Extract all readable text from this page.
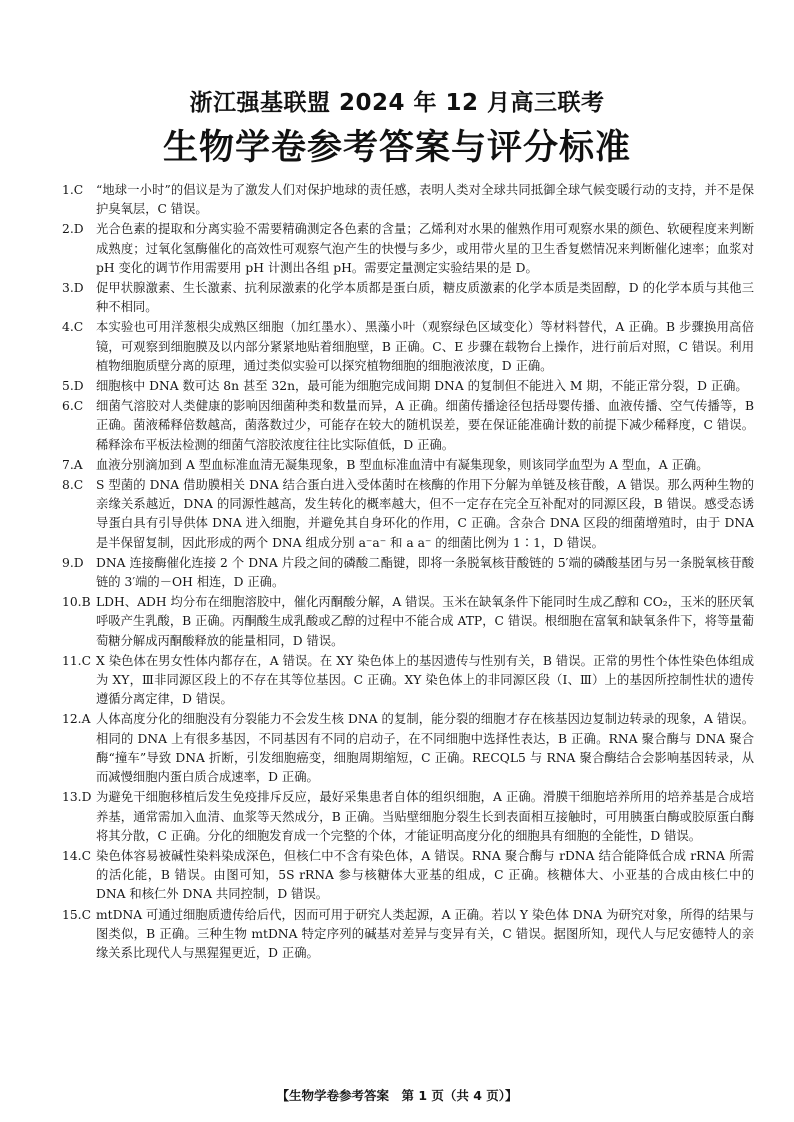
浙江强基联盟 2024 年 12 月高三联考
生物学卷参考答案与评分标准
1.C	“地球一小时”的倡议是为了激发人们对保护地球的责任感，表明人类对全球共同抵御全球气候变暖行动的支持，并不是保护臭氧层，C 错误。
2.D	光合色素的提取和分离实验不需要精确测定各色素的含量；乙烯利对水果的催熟作用可观察水果的颜色、软硬程度来判断成熟度；过氧化氢酶催化的高效性可观察气泡产生的快慢与多少，或用带火星的卫生香复燃情况来判断催化速率；血浆对 pH 变化的调节作用需要用 pH 计测出各组 pH。需要定量测定实验结果的是 D。
3.D	促甲状腺激素、生长激素、抗利尿激素的化学本质都是蛋白质，糖皮质激素的化学本质是类固醇，D 的化学本质与其他三种不相同。
4.C	本实验也可用洋葱根尖成熟区细胞（加红墨水）、黑藻小叶（观察绿色区域变化）等材料替代，A 正确。B 步骤换用高倍镜，可观察到细胞膜及以内部分紧紧地贴着细胞壁，B 正确。C、E 步骤在载物台上操作，进行前后对照，C 错误。利用植物细胞质壁分离的原理，通过类似实验可以探究植物细胞的细胞液浓度，D 正确。
5.D	细胞核中 DNA 数可达 8n 甚至 32n，最可能为细胞完成间期 DNA 的复制但不能进入 M 期，不能正常分裂，D 正确。
6.C	细菌气溶胶对人类健康的影响因细菌种类和数量而异，A 正确。细菌传播途径包括母婴传播、血液传播、空气传播等，B 正确。菌液稀释倍数越高，菌落数过少，可能存在较大的随机误差，要在保证能准确计数的前提下减少稀释度，C 错误。稀释涂布平板法检测的细菌气溶胶浓度往往比实际值低，D 正确。
7.A	血液分别滴加到 A 型血标准血清无凝集现象，B 型血标准血清中有凝集现象，则该同学血型为 A 型血，A 正确。
8.C	S 型菌的 DNA 借助膜相关 DNA 结合蛋白进入受体菌时在核酶的作用下分解为单链及核苷酸，A 错误。那么两种生物的亲缘关系越近，DNA 的同源性越高，发生转化的概率越大，但不一定存在完全互补配对的同源区段，B 错误。感受态诱导蛋白具有引导供体 DNA 进入细胞，并避免其自身环化的作用，C 正确。含杂合 DNA 区段的细菌增殖时，由于 DNA 是半保留复制，因此形成的两个 DNA 组成分别 a⁻a⁻ 和 a a⁻ 的细菌比例为 1∶1，D 错误。
9.D	DNA 连接酶催化连接 2 个 DNA 片段之间的磷酸二酯键，即将一条脱氧核苷酸链的 5′端的磷酸基团与另一条脱氧核苷酸链的 3′端的－OH 相连，D 正确。
10.B LDH、ADH 均分布在细胞溶胶中，催化丙酮酸分解，A 错误。玉米在缺氧条件下能同时生成乙醇和 CO₂，玉米的胚厌氧呼吸产生乳酸，B 正确。丙酮酸生成乳酸或乙醇的过程中不能合成 ATP，C 错误。根细胞在富氧和缺氧条件下，将等量葡萄糖分解成丙酮酸释放的能量相同，D 错误。
11.C X 染色体在男女性体内都存在，A 错误。在 XY 染色体上的基因遗传与性别有关，B 错误。正常的男性个体性染色体组成为 XY，Ⅲ非同源区段上的不存在其等位基因。C 正确。XY 染色体上的非同源区段（Ⅰ、Ⅲ）上的基因所控制性状的遗传遵循分离定律，D 错误。
12.A 人体高度分化的细胞没有分裂能力不会发生核 DNA 的复制，能分裂的细胞才存在核基因边复制边转录的现象，A 错误。相同的 DNA 上有很多基因，不同基因有不同的启动子，在不同细胞中选择性表达，B 正确。RNA 聚合酶与 DNA 聚合酶“撞车”导致 DNA 折断，引发细胞癌变，细胞周期缩短，C 正确。RECQL5 与 RNA 聚合酶结合会影响基因转录，从而减慢细胞内蛋白质合成速率，D 正确。
13.D 为避免干细胞移植后发生免疫排斥反应，最好采集患者自体的组织细胞，A 正确。滑膜干细胞培养所用的培养基是合成培养基，通常需加入血清、血浆等天然成分，B 正确。当贴壁细胞分裂生长到表面相互接触时，可用胰蛋白酶或胶原蛋白酶将其分散，C 正确。分化的细胞发育成一个完整的个体，才能证明高度分化的细胞具有细胞的全能性，D 错误。
14.C 染色体容易被碱性染料染成深色，但核仁中不含有染色体，A 错误。RNA 聚合酶与 rDNA 结合能降低合成 rRNA 所需的活化能，B 错误。由图可知，5S rRNA 参与核糖体大亚基的组成，C 正确。核糖体大、小亚基的合成由核仁中的 DNA 和核仁外 DNA 共同控制，D 错误。
15.C mtDNA 可通过细胞质遗传给后代，因而可用于研究人类起源，A 正确。若以 Y 染色体 DNA 为研究对象，所得的结果与图类似，B 正确。三种生物 mtDNA 特定序列的碱基对差异与变异有关，C 错误。据图所知，现代人与尼安德特人的亲缘关系比现代人与黑猩猩更近，D 正确。
【生物学卷参考答案　第 1 页（共 4 页）】
